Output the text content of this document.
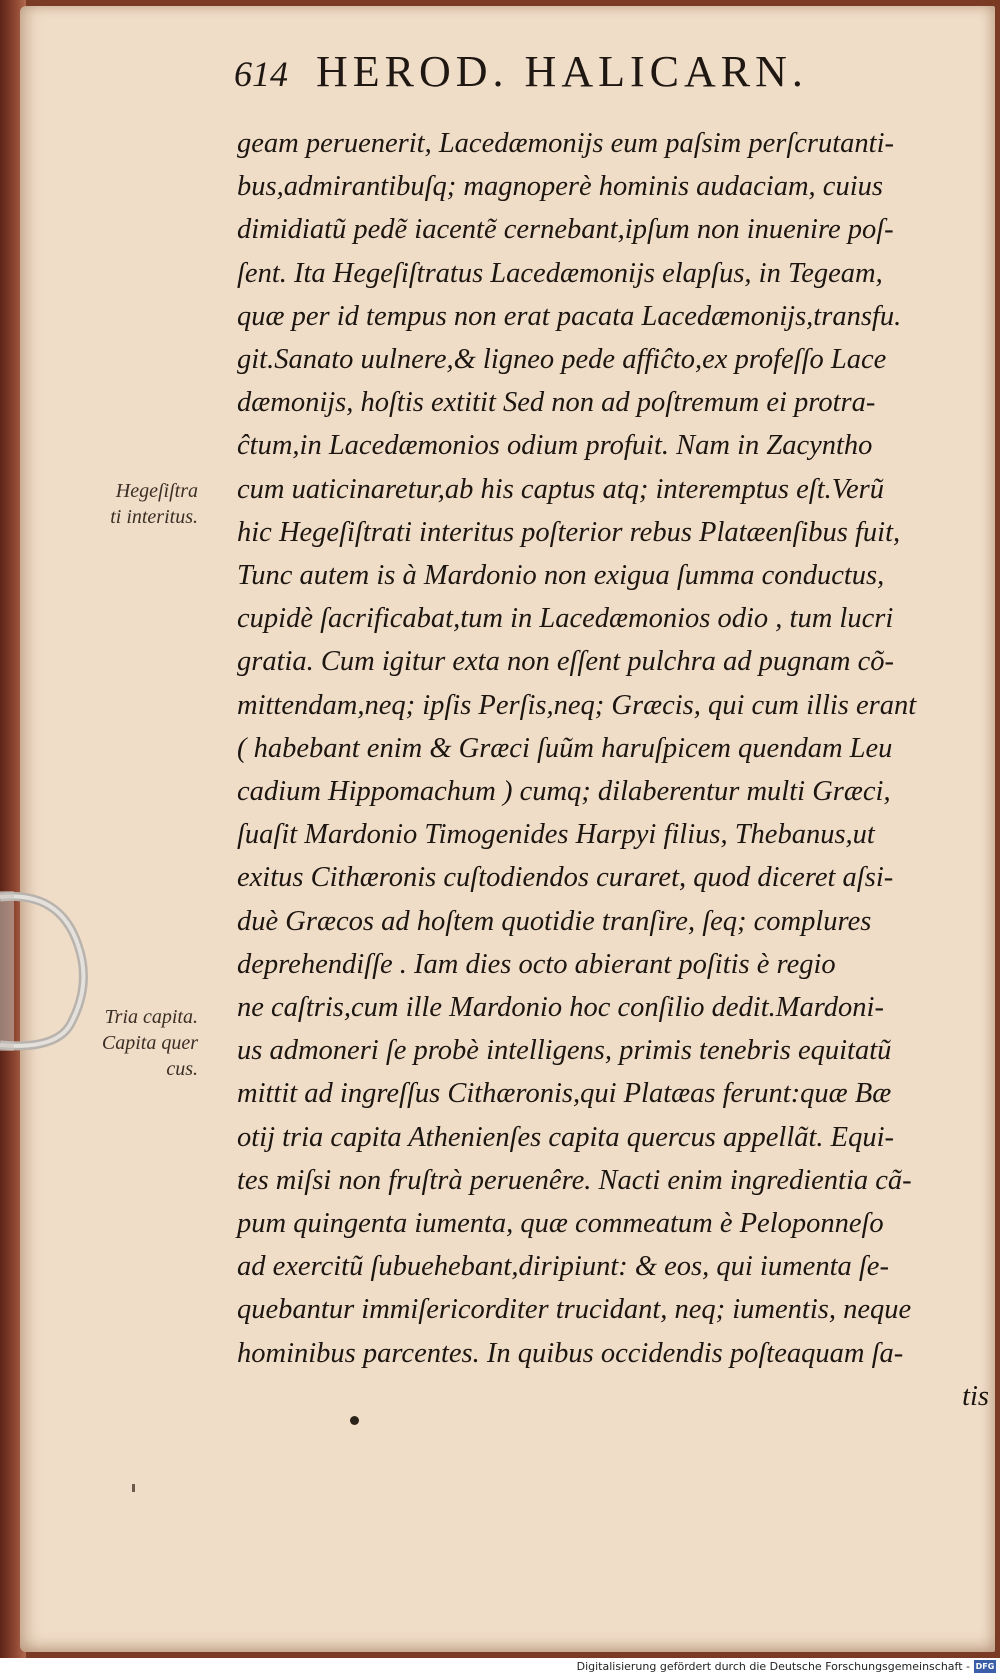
614 HEROD. HALICARN.
Hegeſiſtra
ti interitus.
Tria capita.
Capita quer
cus.
geam peruenerit, Lacedæmonijs eum paſsim perſcrutanti-
bus,admirantibuſq; magnoperè hominis audaciam, cuius
dimidiatũ pedẽ iacentẽ cernebant,ipſum non inuenire poſ-
ſent. Ita Hegeſiſtratus Lacedæmonijs elapſus, in Tegeam,
quæ per id tempus non erat pacata Lacedæmonijs,transfu.
git.Sanato uulnere,& ligneo pede affiĉto,ex profeſſo Lace
dæmonijs, hoſtis extitit Sed non ad poſtremum ei protra-
ĉtum,in Lacedæmonios odium profuit. Nam in Zacyntho
cum uaticinaretur,ab his captus atq; interemptus eſt.Verũ
hic Hegeſiſtrati interitus poſterior rebus Platæenſibus fuit,
Tunc autem is à Mardonio non exigua ſumma conductus,
cupidè ſacrificabat,tum in Lacedæmonios odio , tum lucri
gratia. Cum igitur exta non eſſent pulchra ad pugnam cõ-
mittendam,neq; ipſis Perſis,neq; Græcis, qui cum illis erant
( habebant enim & Græci ſuũm haruſpicem quendam Leu
cadium Hippomachum ) cumq; dilaberentur multi Græci,
ſuaſit Mardonio Timogenides Harpyi filius, Thebanus,ut
exitus Cithæronis cuſtodiendos curaret, quod diceret aſsi-
duè Græcos ad hoſtem quotidie tranſire, ſeq; complures
deprehendiſſe . Iam dies octo abierant poſitis è regio
ne caſtris,cum ille Mardonio hoc conſilio dedit.Mardoni-
us admoneri ſe probè intelligens, primis tenebris equitatũ
mittit ad ingreſſus Cithæronis,qui Platæas ferunt:quæ Bæ
otij tria capita Athenienſes capita quercus appellãt. Equi-
tes miſsi non fruſtrà peruenêre. Nacti enim ingredientia cã-
pum quingenta iumenta, quæ commeatum è Peloponneſo
ad exercitũ ſubuehebant,diripiunt: & eos, qui iumenta ſe-
quebantur immiſericorditer trucidant, neq; iumentis, neque
hominibus parcentes. In quibus occidendis poſteaquam ſa-
tis
Digitalisierung gefördert durch die Deutsche Forschungsgemeinschaft - DFG
